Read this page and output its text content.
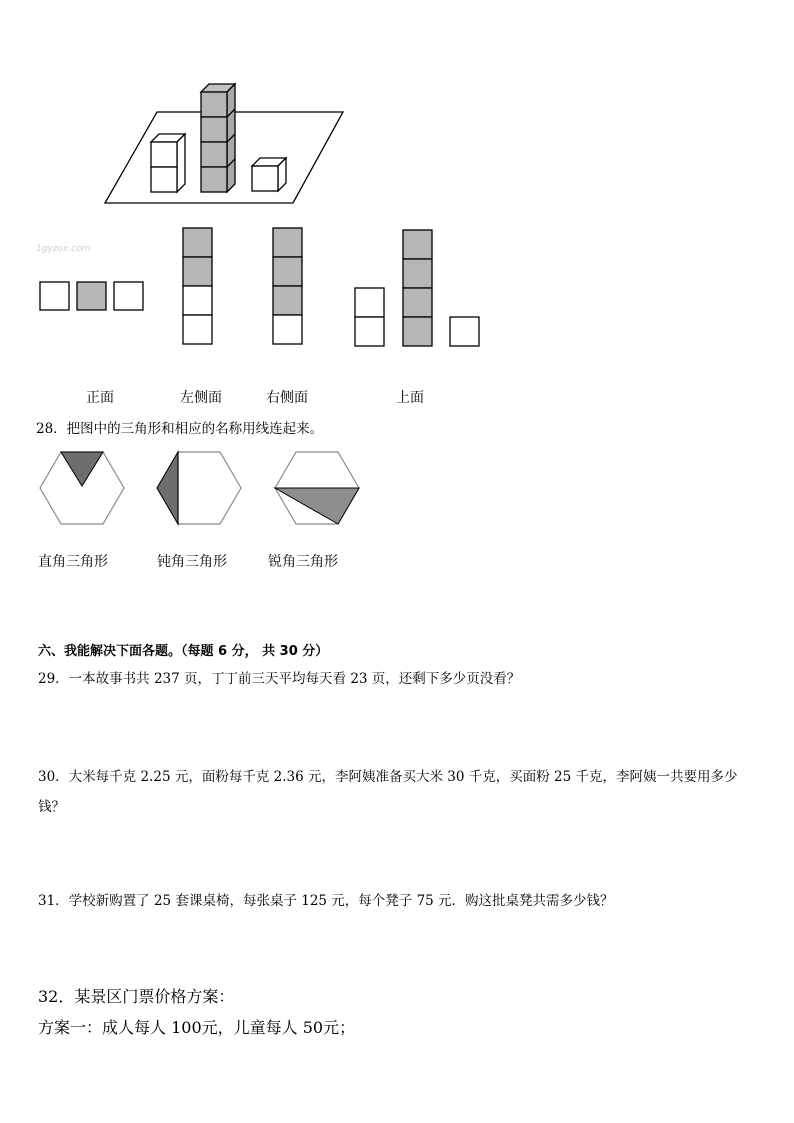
1gyzox.com
正面	左侧面	右侧面	上面
28．把图中的三角形和相应的名称用线连起来。
直角三角形	钝角三角形	锐角三角形
六、我能解决下面各题。（每题 6 分， 共 30 分）
29．一本故事书共 237 页，丁丁前三天平均每天看 23 页，还剩下多少页没看？
30．大米每千克 2.25 元，面粉每千克 2.36 元，李阿姨准备买大米 30 千克，买面粉 25 千克，李阿姨一共要用多少
钱？
31．学校新购置了 25 套课桌椅，每张桌子 125 元，每个凳子 75 元．购这批桌凳共需多少钱？
32．某景区门票价格方案：
方案一：成人每人 100元，儿童每人 50元；
